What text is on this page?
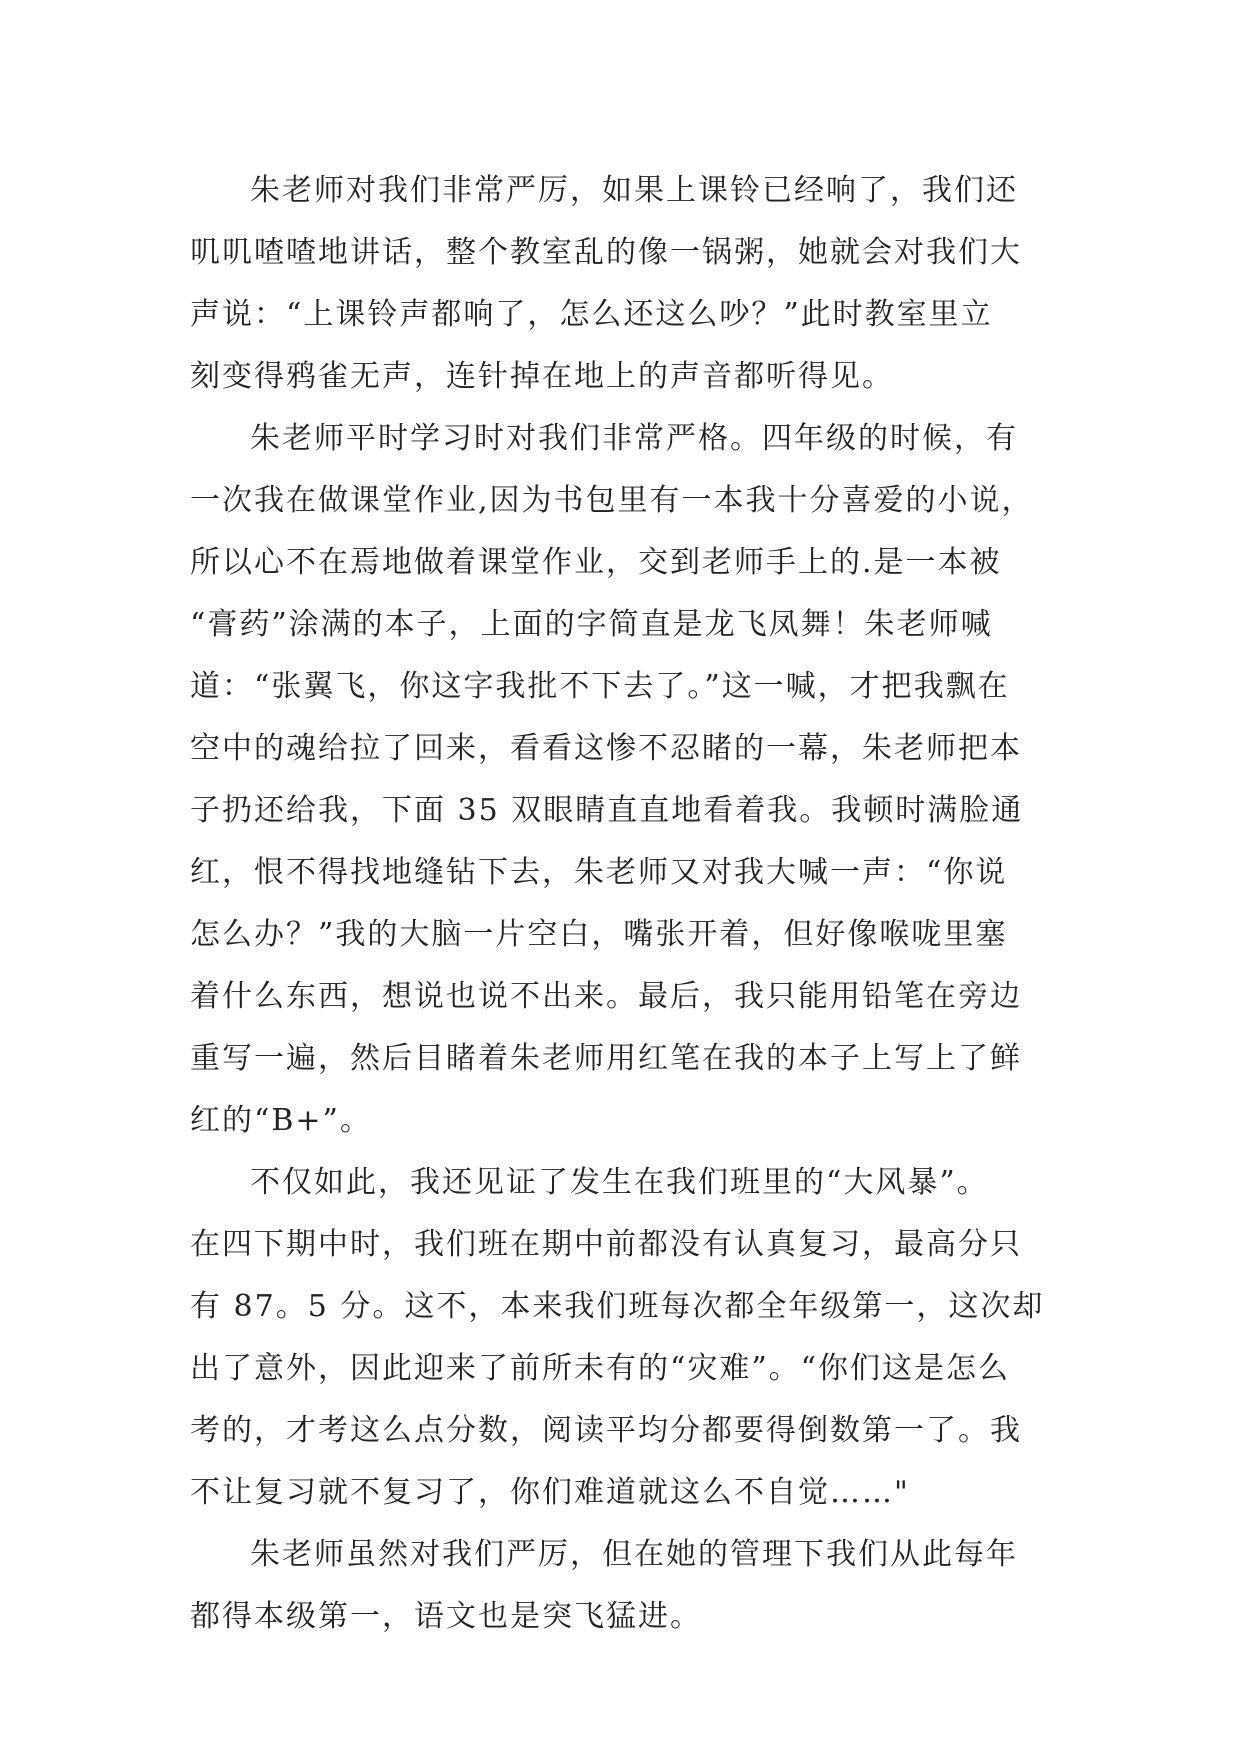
朱老师对我们非常严厉，如果上课铃已经响了，我们还
叽叽喳喳地讲话，整个教室乱的像一锅粥，她就会对我们大
声说：“上课铃声都响了，怎么还这么吵？”此时教室里立
刻变得鸦雀无声，连针掉在地上的声音都听得见。

朱老师平时学习时对我们非常严格。四年级的时候，有
一次我在做课堂作业,因为书包里有一本我十分喜爱的小说，
所以心不在焉地做着课堂作业，交到老师手上的.是一本被
“膏药”涂满的本子，上面的字简直是龙飞凤舞！朱老师喊
道：“张翼飞，你这字我批不下去了。”这一喊，才把我飘在
空中的魂给拉了回来，看看这惨不忍睹的一幕，朱老师把本
子扔还给我，下面 35 双眼睛直直地看着我。我顿时满脸通
红，恨不得找地缝钻下去，朱老师又对我大喊一声：“你说
怎么办？”我的大脑一片空白，嘴张开着，但好像喉咙里塞
着什么东西，想说也说不出来。最后，我只能用铅笔在旁边
重写一遍，然后目睹着朱老师用红笔在我的本子上写上了鲜
红的“B+”。

不仅如此，我还见证了发生在我们班里的“大风暴”。
在四下期中时，我们班在期中前都没有认真复习，最高分只
有 87。5 分。这不，本来我们班每次都全年级第一，这次却
出了意外，因此迎来了前所未有的“灾难”。“你们这是怎么
考的，才考这么点分数，阅读平均分都要得倒数第一了。我
不让复习就不复习了，你们难道就这么不自觉……"

朱老师虽然对我们严厉，但在她的管理下我们从此每年
都得本级第一，语文也是突飞猛进。
